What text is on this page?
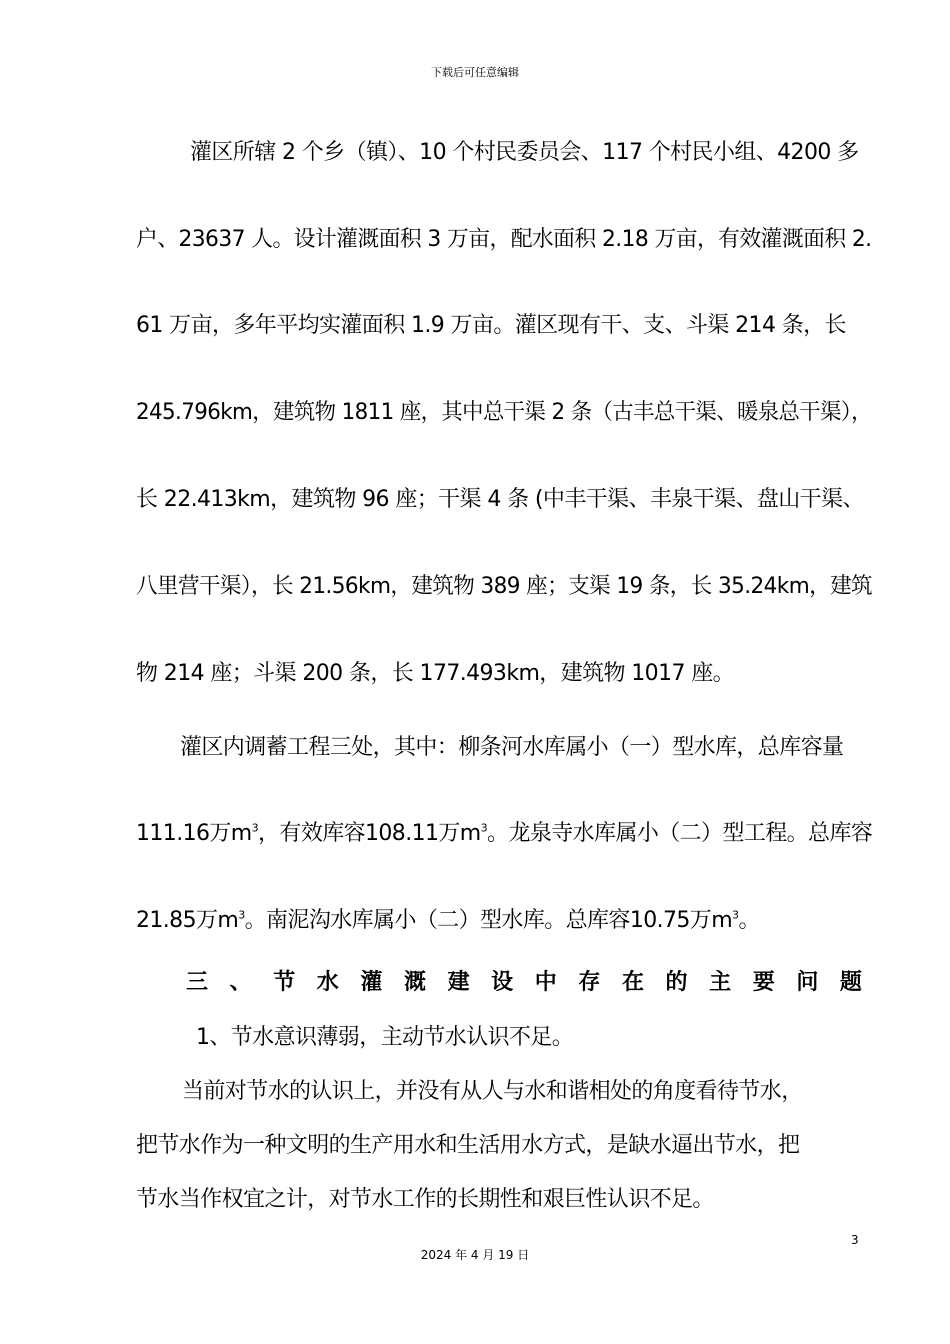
下载后可任意编辑
灌区所辖 2 个乡（镇）、10 个村民委员会、117 个村民小组、4200 多
户、23637 人。设计灌溉面积 3 万亩，配水面积 2.18 万亩，有效灌溉面积 2.
61 万亩，多年平均实灌面积 1.9 万亩。灌区现有干、支、斗渠 214 条，长
245.796km，建筑物 1811 座，其中总干渠 2 条（古丰总干渠、暖泉总干渠），
长 22.413km，建筑物 96 座；干渠 4 条 (中丰干渠、丰泉干渠、盘山干渠、
八里营干渠），长 21.56km，建筑物 389 座；支渠 19 条，长 35.24km，建筑
物 214 座；斗渠 200 条，长 177.493km，建筑物 1017 座。
灌区内调蓄工程三处，其中：柳条河水库属小（一）型水库，总库容量
111.16万$m^3$，有效库容108.11万$m^3$。龙泉寺水库属小（二）型工程。总库容
21.85万$m^3$。南泥沟水库属小（二）型水库。总库容10.75万$m^3$。
三 、 节 水 灌 溉 建 设 中 存 在 的 主 要 问 题
1、节水意识薄弱，主动节水认识不足。
当前对节水的认识上，并没有从人与水和谐相处的角度看待节水，
把节水作为一种文明的生产用水和生活用水方式，是缺水逼出节水，把
节水当作权宜之计，对节水工作的长期性和艰巨性认识不足。
3
2024 年 4 月 19 日
